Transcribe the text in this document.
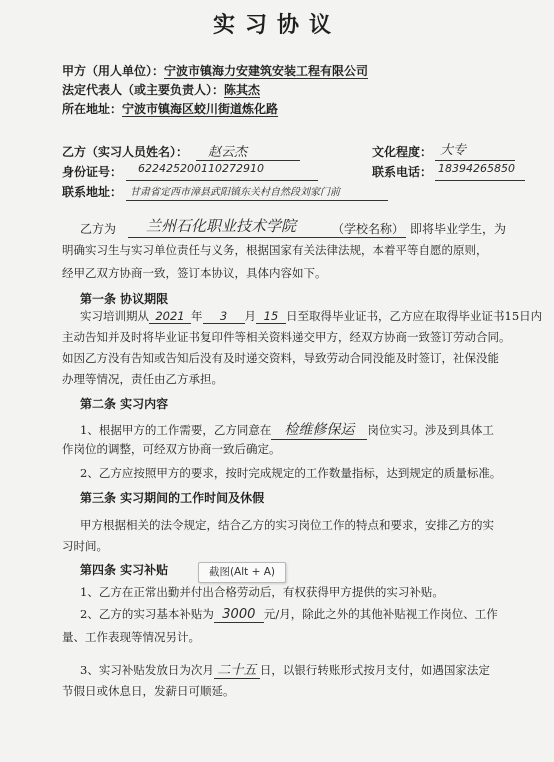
实习协议
甲方（用人单位）：宁波市镇海力安建筑安装工程有限公司
法定代表人（或主要负责人）：陈其杰
所在地址：宁波市镇海区蛟川街道炼化路
乙方（实习人员姓名）： 赵云杰	文化程度： 大专
身份证号： 622425200110272910	联系电话： 18394265850
联系地址： 甘肃省定西市漳县武阳镇东关村自然段刘家门前
乙方为 兰州石化职业技术学院	（学校名称） 即将毕业学生，为
明确实习生与实习单位责任与义务，根据国家有关法律法规，本着平等自愿的原则，
经甲乙双方协商一致，签订本协议，具体内容如下。
第一条 协议期限
实习培训期从 2021 年 3 月 15 日至取得毕业证书，乙方应在取得毕业证书15日内
主动告知并及时将毕业证书复印件等相关资料递交甲方，经双方协商一致签订劳动合同。
如因乙方没有告知或告知后没有及时递交资料，导致劳动合同没能及时签订，社保没能
办理等情况，责任由乙方承担。
第二条 实习内容
1、根据甲方的工作需要，乙方同意在 检维修保运 岗位实习。涉及到具体工
作岗位的调整，可经双方协商一致后确定。
2、乙方应按照甲方的要求，按时完成规定的工作数量指标，达到规定的质量标准。
第三条 实习期间的工作时间及休假
甲方根据相关的法令规定，结合乙方的实习岗位工作的特点和要求，安排乙方的实
习时间。
第四条 实习补贴
1、乙方在正常出勤并付出合格劳动后，有权获得甲方提供的实习补贴。
2、乙方的实习基本补贴为 3000 元/月，除此之外的其他补贴视工作岗位、工作
量、工作表现等情况另计。
3、实习补贴发放日为次月 二十五 日，以银行转账形式按月支付，如遇国家法定
节假日或休息日，发薪日可顺延。
截图(Alt + A)
